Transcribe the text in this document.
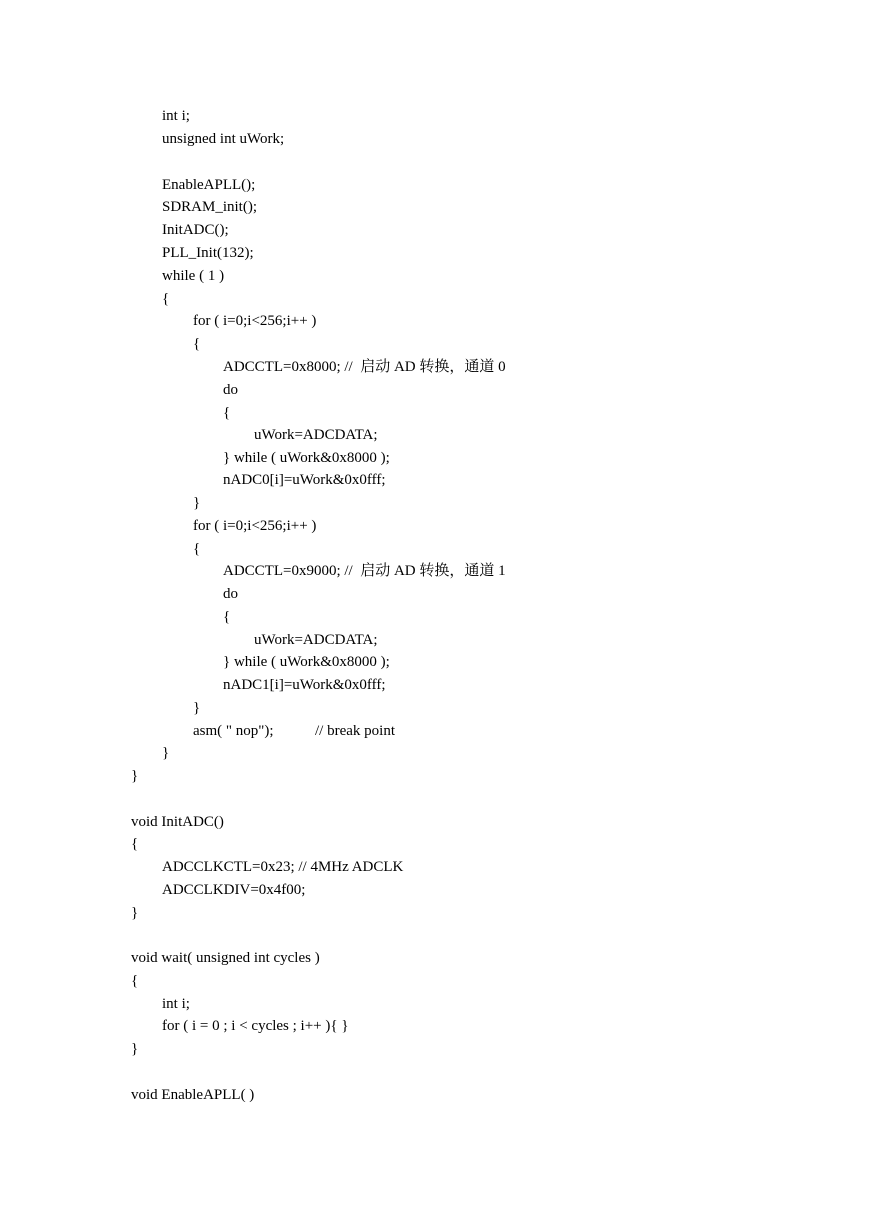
int i;
unsigned int uWork;
EnableAPLL();
SDRAM_init();
InitADC();
PLL_Init(132);
while ( 1 )
{
for ( i=0;i<256;i++ )
{
ADCCTL=0x8000; //  启动 AD 转换，通道 0
do
{
uWork=ADCDATA;
} while ( uWork&0x8000 );
nADC0[i]=uWork&0x0fff;
}
for ( i=0;i<256;i++ )
{
ADCCTL=0x9000; //  启动 AD 转换，通道 1
do
{
uWork=ADCDATA;
} while ( uWork&0x8000 );
nADC1[i]=uWork&0x0fff;
}
asm( " nop");	// break point
}
}
void InitADC()
{
ADCCLKCTL=0x23; // 4MHz ADCLK
ADCCLKDIV=0x4f00;
}
void wait( unsigned int cycles )
{
int i;
for ( i = 0 ; i < cycles ; i++ ){ }
}
void EnableAPLL( )
